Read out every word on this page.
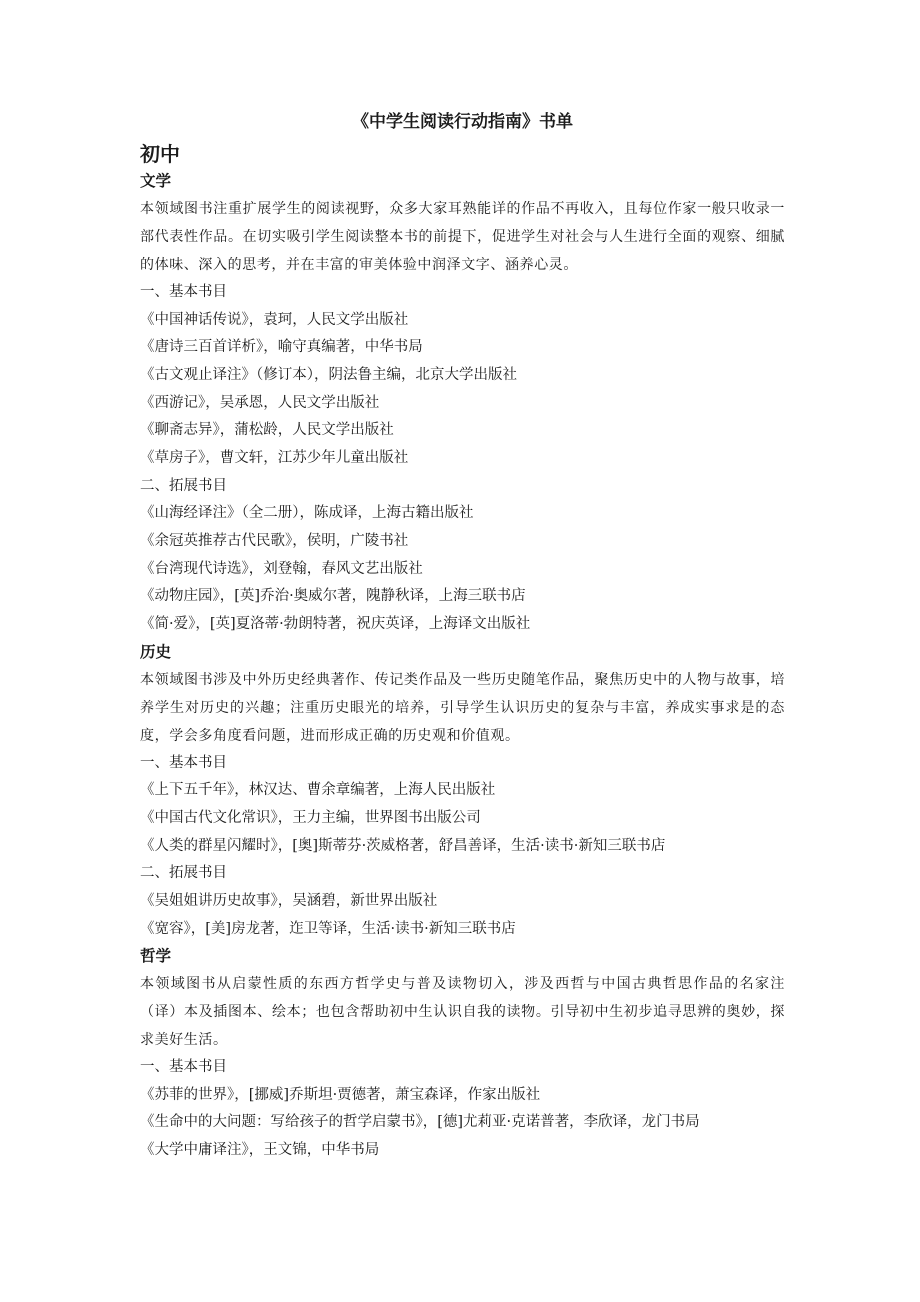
《中学生阅读行动指南》书单
初中
文学

本领域图书注重扩展学生的阅读视野，众多大家耳熟能详的作品不再收入，且每位作家一般只收录一部代表性作品。在切实吸引学生阅读整本书的前提下，促进学生对社会与人生进行全面的观察、细腻的体味、深入的思考，并在丰富的审美体验中润泽文字、涵养心灵。

一、基本书目

《中国神话传说》，袁珂，人民文学出版社

《唐诗三百首详析》，喻守真编著，中华书局

《古文观止译注》（修订本），阴法鲁主编，北京大学出版社

《西游记》，吴承恩，人民文学出版社

《聊斋志异》，蒲松龄，人民文学出版社

《草房子》，曹文轩，江苏少年儿童出版社

二、拓展书目

《山海经译注》（全二册），陈成译，上海古籍出版社

《余冠英推荐古代民歌》，侯明，广陵书社

《台湾现代诗选》，刘登翰，春风文艺出版社

《动物庄园》，[英]乔治·奥威尔著，隗静秋译，上海三联书店

《简·爱》，[英]夏洛蒂·勃朗特著，祝庆英译，上海译文出版社

历史

本领域图书涉及中外历史经典著作、传记类作品及一些历史随笔作品，聚焦历史中的人物与故事，培养学生对历史的兴趣；注重历史眼光的培养，引导学生认识历史的复杂与丰富，养成实事求是的态度，学会多角度看问题，进而形成正确的历史观和价值观。

一、基本书目

《上下五千年》，林汉达、曹余章编著，上海人民出版社

《中国古代文化常识》，王力主编，世界图书出版公司

《人类的群星闪耀时》，[奥]斯蒂芬·茨威格著，舒昌善译，生活·读书·新知三联书店

二、拓展书目

《吴姐姐讲历史故事》，吴涵碧，新世界出版社

《宽容》，[美]房龙著，迮卫等译，生活·读书·新知三联书店

哲学

本领域图书从启蒙性质的东西方哲学史与普及读物切入，涉及西哲与中国古典哲思作品的名家注（译）本及插图本、绘本；也包含帮助初中生认识自我的读物。引导初中生初步追寻思辨的奥妙，探求美好生活。

一、基本书目

《苏菲的世界》，[挪威]乔斯坦·贾德著，萧宝森译，作家出版社

《生命中的大问题：写给孩子的哲学启蒙书》，[德]尤莉亚·克诺普著，李欣译，龙门书局

《大学中庸译注》，王文锦，中华书局
